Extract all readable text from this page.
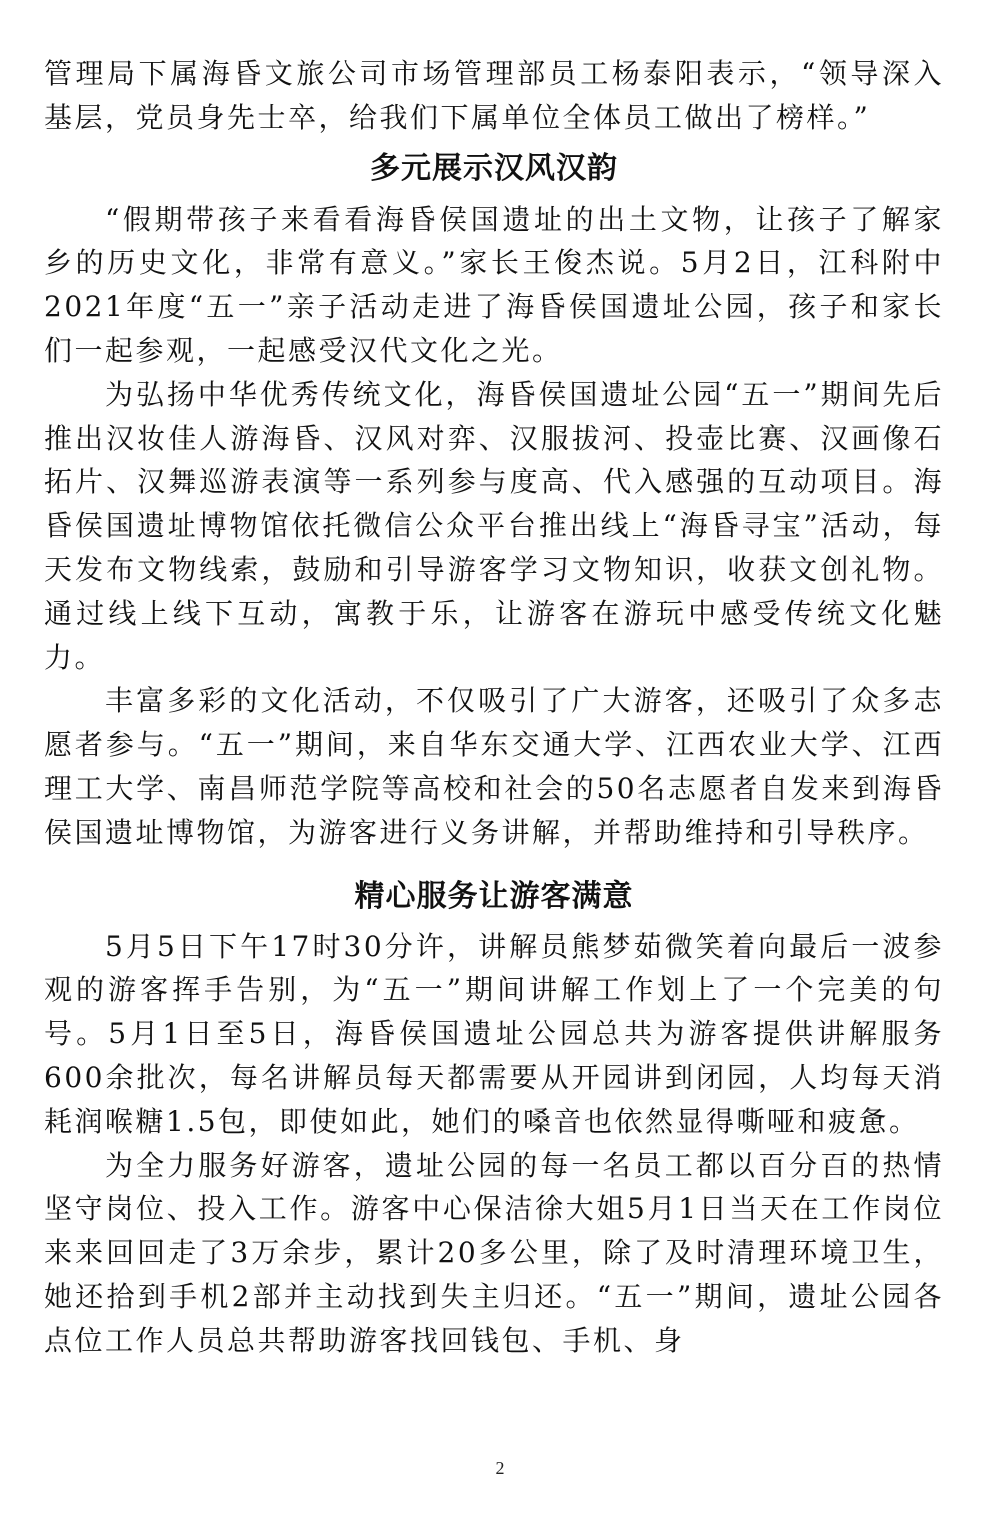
管理局下属海昏文旅公司市场管理部员工杨泰阳表示，“领导深入基层，党员身先士卒，给我们下属单位全体员工做出了榜样。”

多元展示汉风汉韵

“假期带孩子来看看海昏侯国遗址的出土文物，让孩子了解家乡的历史文化，非常有意义。”家长王俊杰说。5月2日，江科附中2021年度“五一”亲子活动走进了海昏侯国遗址公园，孩子和家长们一起参观，一起感受汉代文化之光。

为弘扬中华优秀传统文化，海昏侯国遗址公园“五一”期间先后推出汉妆佳人游海昏、汉风对弈、汉服拔河、投壶比赛、汉画像石拓片、汉舞巡游表演等一系列参与度高、代入感强的互动项目。海昏侯国遗址博物馆依托微信公众平台推出线上“海昏寻宝”活动，每天发布文物线索，鼓励和引导游客学习文物知识，收获文创礼物。通过线上线下互动，寓教于乐，让游客在游玩中感受传统文化魅力。

丰富多彩的文化活动，不仅吸引了广大游客，还吸引了众多志愿者参与。“五一”期间，来自华东交通大学、江西农业大学、江西理工大学、南昌师范学院等高校和社会的50名志愿者自发来到海昏侯国遗址博物馆，为游客进行义务讲解，并帮助维持和引导秩序。

精心服务让游客满意

5月5日下午17时30分许，讲解员熊梦茹微笑着向最后一波参观的游客挥手告别，为“五一”期间讲解工作划上了一个完美的句号。5月1日至5日，海昏侯国遗址公园总共为游客提供讲解服务600余批次，每名讲解员每天都需要从开园讲到闭园，人均每天消耗润喉糖1.5包，即使如此，她们的嗓音也依然显得嘶哑和疲惫。

为全力服务好游客，遗址公园的每一名员工都以百分百的热情坚守岗位、投入工作。游客中心保洁徐大姐5月1日当天在工作岗位来来回回走了3万余步，累计20多公里，除了及时清理环境卫生，她还拾到手机2部并主动找到失主归还。“五一”期间，遗址公园各点位工作人员总共帮助游客找回钱包、手机、身

2
